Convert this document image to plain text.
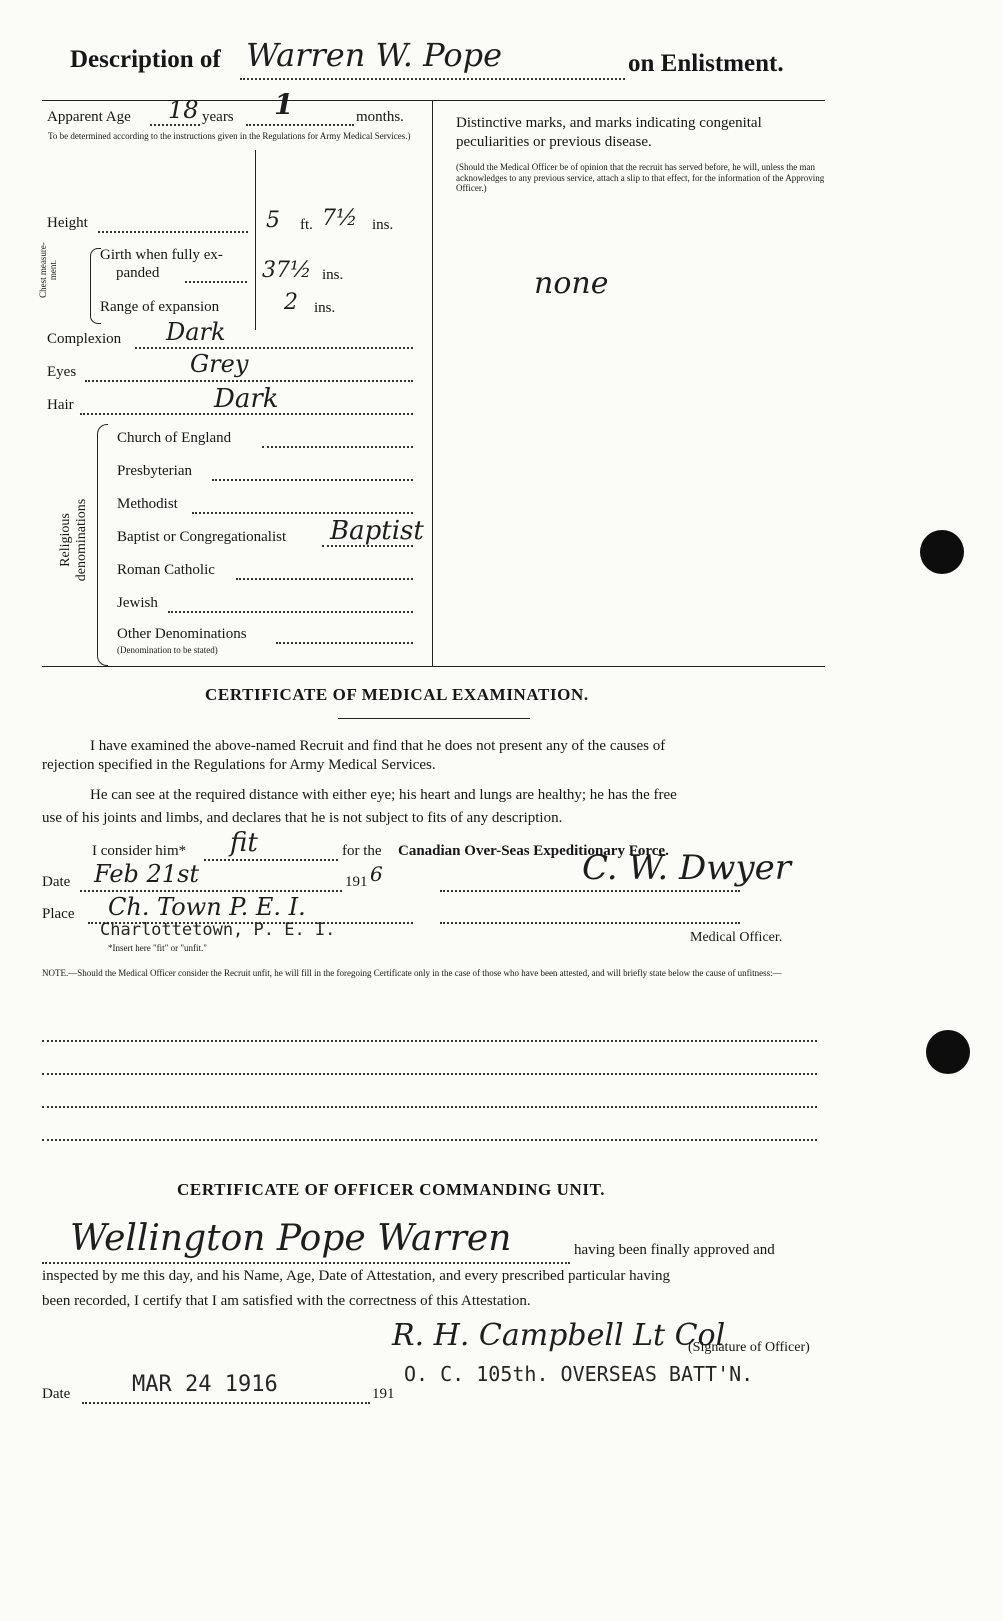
Description of Warren W. Pope	on Enlistment.
Apparent Age 18 years 1	months.
To be determined according to the instructions given in the Regulations for Army Medical Services.)
Height	5 ft. 7½ ins.
Chest measure-ment.
Girth when fully ex-
panded	37½ ins.
Range of expansion	2 ins.
Complexion Dark
Eyes	Grey
Hair	Dark
Religious denominations
Church of England
Presbyterian
Methodist
Baptist or Congregationalist Baptist
Roman Catholic
Jewish
Other Denominations
(Denomination to be stated)
Distinctive marks, and marks indicating congenital peculiarities or previous disease.
(Should the Medical Officer be of opinion that the recruit has served before, he will, unless the man acknowledges to any previous service, attach a slip to that effect, for the information of the Approving Officer.)
none
CERTIFICATE OF MEDICAL EXAMINATION.
I have examined the above-named Recruit and find that he does not present any of the causes of
rejection specified in the Regulations for Army Medical Services.
He can see at the required distance with either eye; his heart and lungs are healthy; he has the free
use of his joints and limbs, and declares that he is not subject to fits of any description.
I consider him* fit	for the Canadian Over-Seas Expeditionary Force.
Date Feb 21st	191 6	C. W. Dwyer
Place Ch. Town P. E. I.
Charlottetown, P. E. I.
*Insert here "fit" or "unfit."
Medical Officer.
NOTE.—Should the Medical Officer consider the Recruit unfit, he will fill in the foregoing Certificate only in the case of those who have been attested, and will briefly state below the cause of unfitness:—
CERTIFICATE OF OFFICER COMMANDING UNIT.
Wellington Pope Warren	having been finally approved and
inspected by me this day, and his Name, Age, Date of Attestation, and every prescribed particular having
been recorded, I certify that I am satisfied with the correctness of this Attestation.
R. H. Campbell Lt Col
(Signature of Officer)
O. C. 105th. OVERSEAS BATT'N.
Date	MAR 24 1916	191
